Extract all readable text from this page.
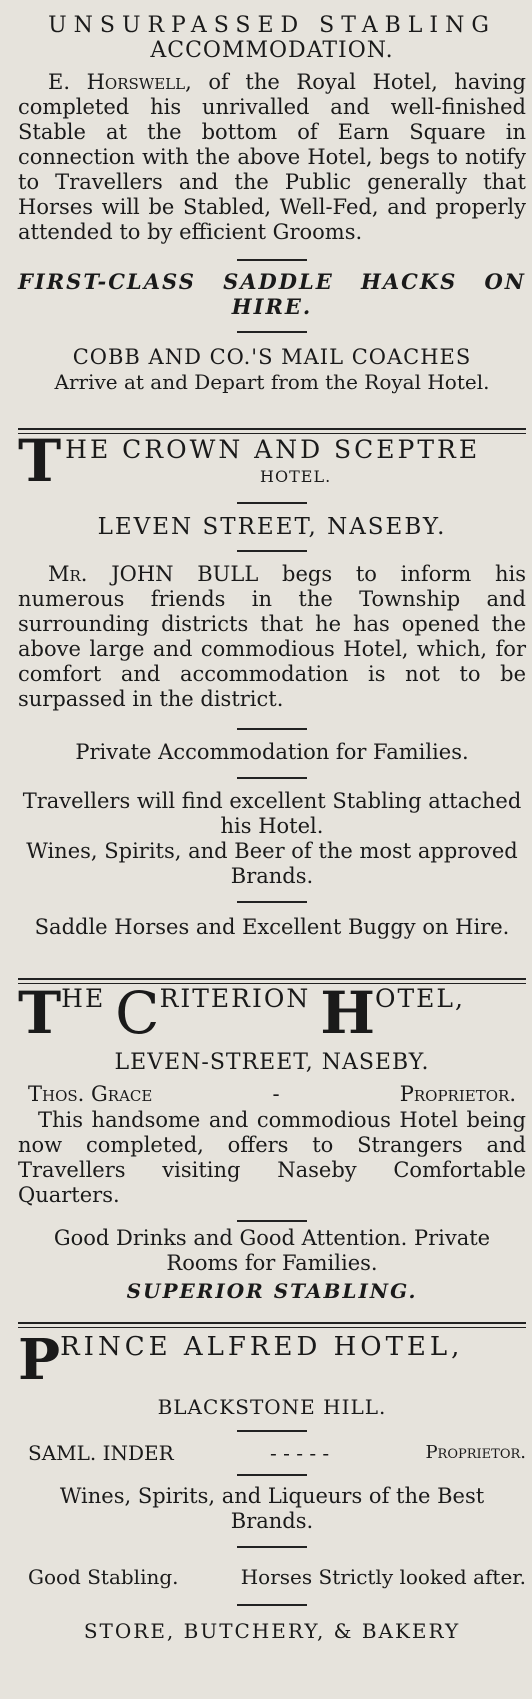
UNSURPASSED STABLING
ACCOMMODATION.

E. Horswell, of the Royal Hotel, having completed his unrivalled and well-finished Stable at the bottom of Earn Square in connection with the above Hotel, begs to notify to Travellers and the Public generally that Horses will be Stabled, Well-Fed, and properly attended to by efficient Grooms.

FIRST-CLASS SADDLE HACKS ON
HIRE.
COBB AND CO.'S MAIL COACHES
Arrive at and Depart from the Royal Hotel.
T HE CROWN AND SCEPTRE
HOTEL.
LEVEN STREET, NASEBY.

Mr. JOHN BULL begs to inform his numerous friends in the Township and surrounding districts that he has opened the above large and commodious Hotel, which, for comfort and accommodation is not to be surpassed in the district.

Private Accommodation for Families.
Travellers will find excellent Stabling attached
his Hotel.
Wines, Spirits, and Beer of the most approved
Brands.
Saddle Horses and Excellent Buggy on Hire.
THE CRITERION HOTEL,
LEVEN-STREET, NASEBY.
Thos. Grace	-	Proprietor.

This handsome and commodious Hotel being now completed, offers to Strangers and Travellers visiting Naseby Comfortable Quarters.

Good Drinks and Good Attention. Private
Rooms for Families.
SUPERIOR STABLING.
PRINCE ALFRED HOTEL,
BLACKSTONE HILL.
SAML. INDER	- - - - -	Proprietor.
Wines, Spirits, and Liqueurs of the Best
Brands.
Good Stabling.	Horses Strictly looked after.
STORE, BUTCHERY, & BAKERY
